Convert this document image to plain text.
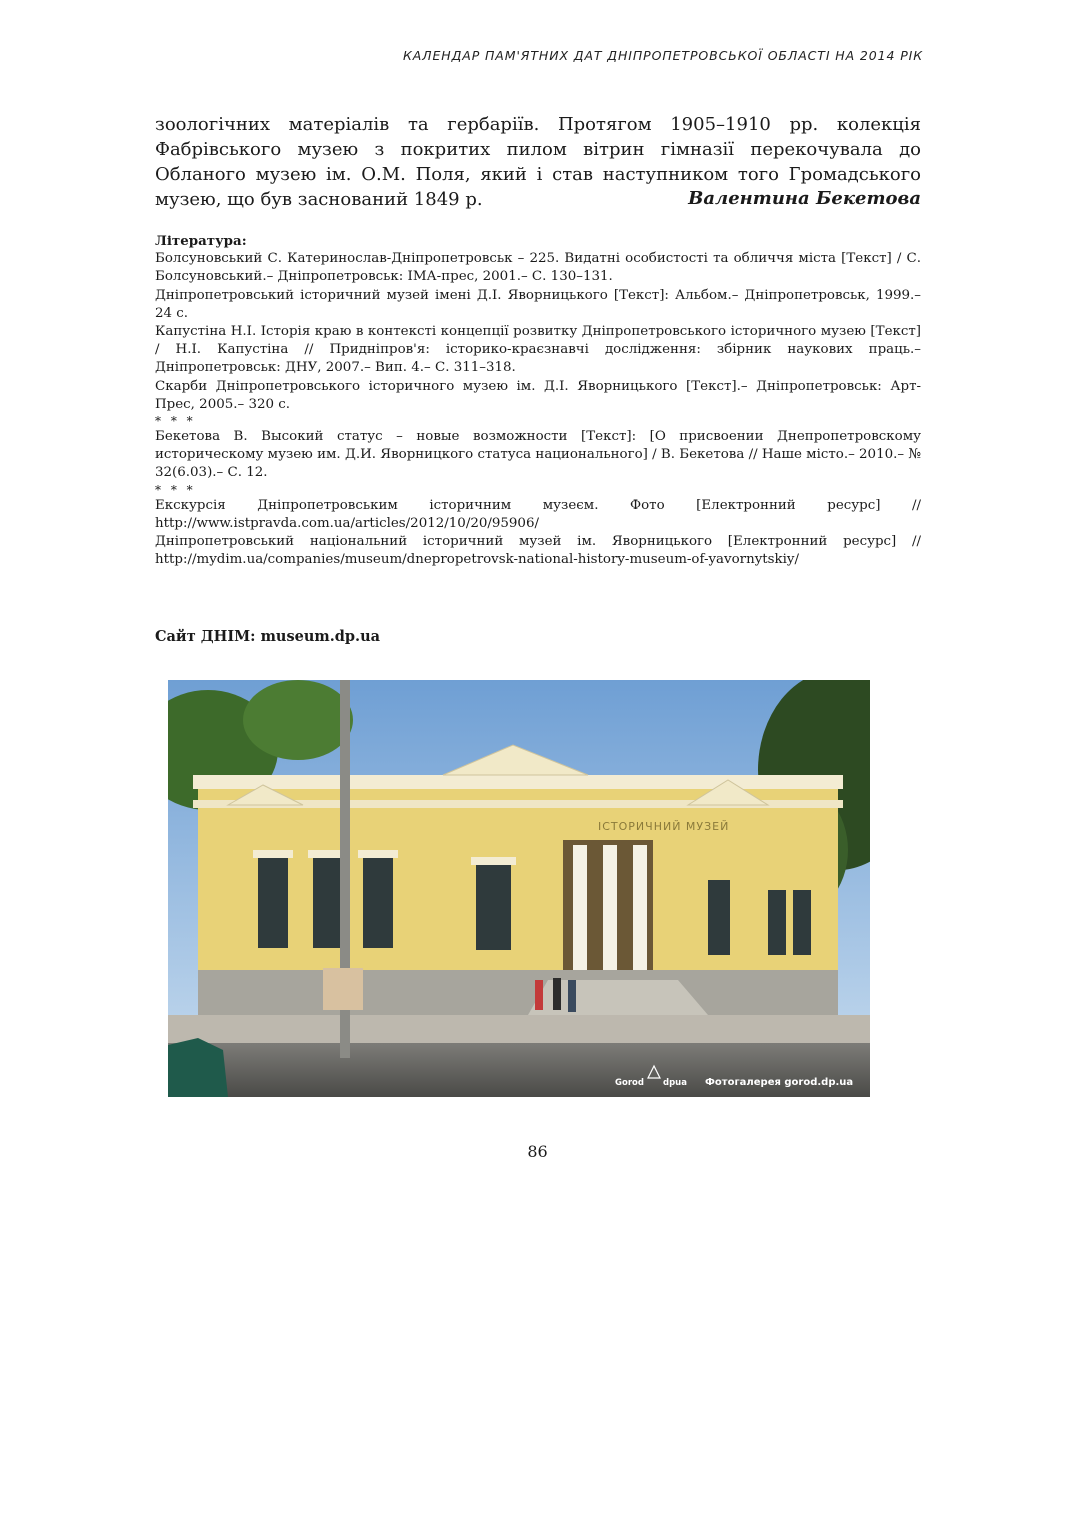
КАЛЕНДАР ПАМ'ЯТНИХ ДАТ ДНІПРОПЕТРОВСЬКОЇ ОБЛАСТІ НА 2014 РІК

зоологічних матеріалів та гербаріїв. Протягом 1905–1910 рр. колекція Фабрівського музею з покритих пилом вітрин гімназії перекочувала до Обланого музею ім. О.М. Поля, який і став наступником того Громадського музею, що був заснований 1849 р.	Валентина Бекетова

Література:

Болсуновський С. Катеринослав-Дніпропетровськ – 225. Видатні особистості та обличчя міста [Текст] / С. Болсуновський.– Дніпропетровськ: ІМА-прес, 2001.– С. 130–131.

Дніпропетровський історичний музей імені Д.І. Яворницького [Текст]: Альбом.– Дніпропетровськ, 1999.– 24 с.

Капустіна Н.І. Історія краю в контексті концепції розвитку Дніпропетровського історичного музею [Текст] / Н.І. Капустіна // Придніпров'я: історико-краєзнавчі дослідження: збірник наукових праць.– Дніпропетровськ: ДНУ, 2007.– Вип. 4.– С. 311–318.

Скарби Дніпропетровського історичного музею ім. Д.І. Яворницького [Текст].– Дніпропетровськ: Арт-Прес, 2005.– 320 с.

* * *

Бекетова В. Высокий статус – новые возможности [Текст]: [О присвоении Днепропетровскому историческому музею им. Д.И. Яворницкого статуса национального] / В. Бекетова // Наше місто.– 2010.– № 32(6.03).– С. 12.

* * *

Екскурсія Дніпропетровським історичним музеєм. Фото [Електронний ресурс] // http://www.istpravda.com.ua/articles/2012/10/20/95906/

Дніпропетровський національний історичний музей ім. Яворницького [Електронний ресурс] // http://mydim.ua/companies/museum/dnepropetrovsk-national-history-museum-of-yavornytskiy/

Сайт ДНІМ: museum.dp.ua
ІСТОРИЧНИЙ МУЗЕЙ
Gorod dpua Фотогалерея gorod.dp.ua
86
